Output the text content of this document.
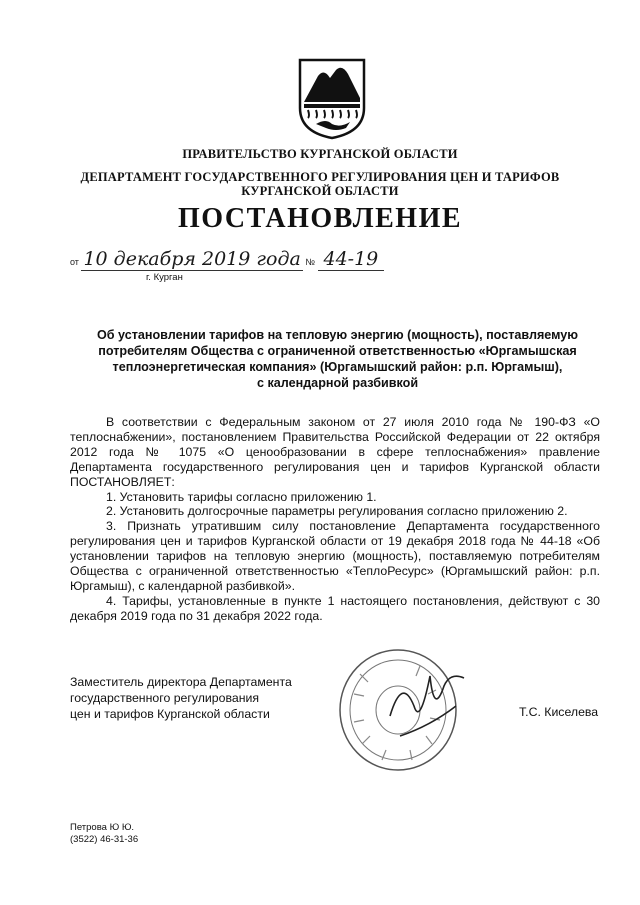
ПРАВИТЕЛЬСТВО КУРГАНСКОЙ ОБЛАСТИ
ДЕПАРТАМЕНТ ГОСУДАРСТВЕННОГО РЕГУЛИРОВАНИЯ ЦЕН И ТАРИФОВ
КУРГАНСКОЙ ОБЛАСТИ
ПОСТАНОВЛЕНИЕ
от 10 декабря 2019 года № 44-19
г. Курган
Об установлении тарифов на тепловую энергию (мощность), поставляемую
потребителям Общества с ограниченной ответственностью «Юргамышская
теплоэнергетическая компания» (Юргамышский район: р.п. Юргамыш),
с календарной разбивкой

В соответствии с Федеральным законом от 27 июля 2010 года № 190-ФЗ «О теплоснабжении», постановлением Правительства Российской Федерации от 22 октября 2012 года № 1075 «О ценообразовании в сфере теплоснабжения» правление Департамента государственного регулирования цен и тарифов Курганской области ПОСТАНОВЛЯЕТ:

1. Установить тарифы согласно приложению 1.

2. Установить долгосрочные параметры регулирования согласно приложению 2.

3. Признать утратившим силу постановление Департамента государственного регулирования цен и тарифов Курганской области от 19 декабря 2018 года № 44-18 «Об установлении тарифов на тепловую энергию (мощность), поставляемую потребителям Общества с ограниченной ответственностью «ТеплоРесурс» (Юргамышский район: р.п. Юргамыш), с календарной разбивкой».

4. Тарифы, установленные в пункте 1 настоящего постановления, действуют с 30 декабря 2019 года по 31 декабря 2022 года.

Заместитель директора Департамента
государственного регулирования
цен и тарифов Курганской области	Т.С. Киселева
Петрова Ю Ю.
(3522) 46-31-36
